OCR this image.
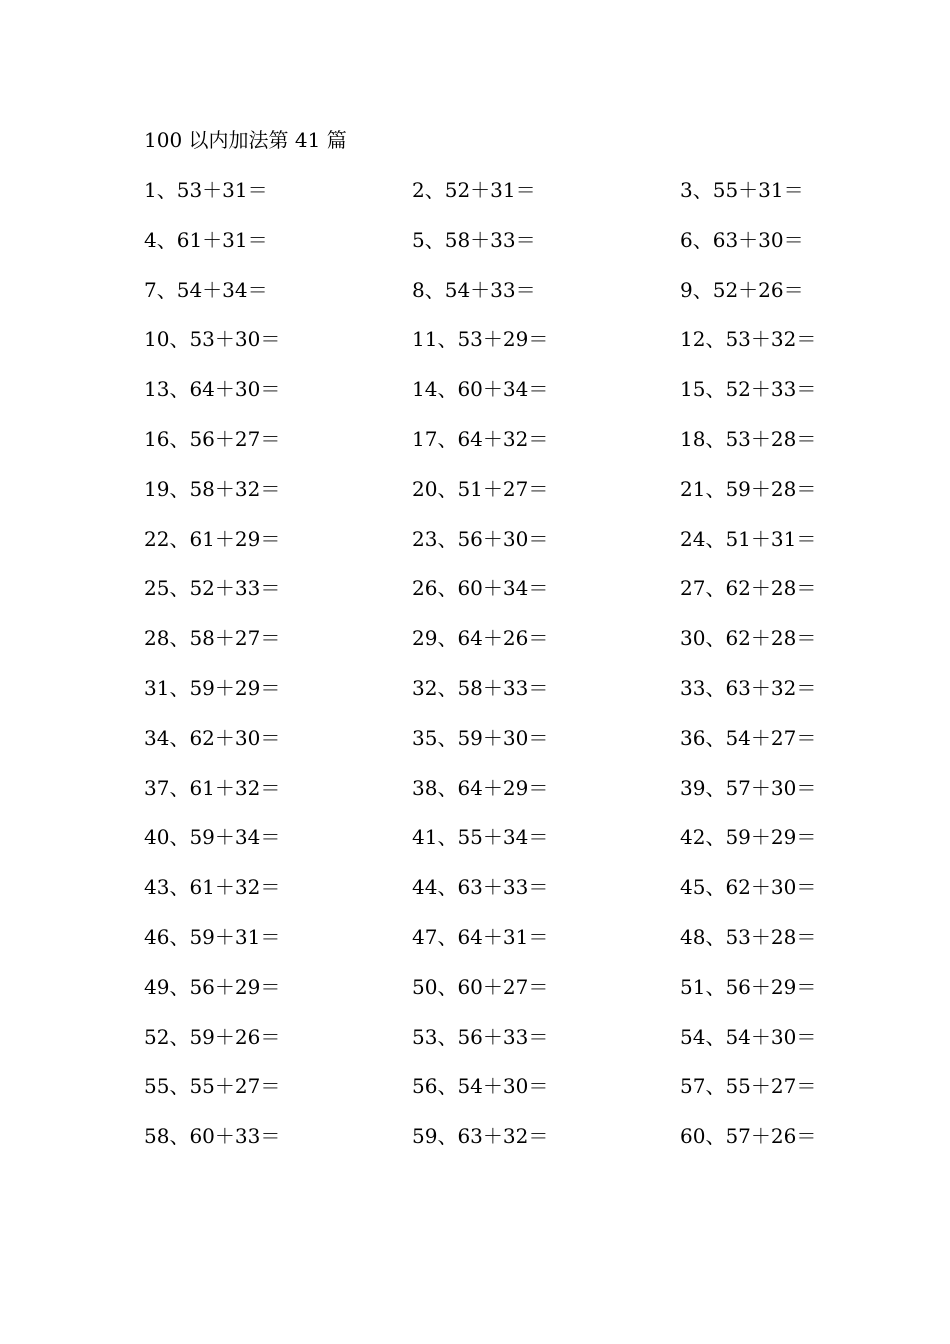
100 以内加法第 41 篇
1、53＋31＝	2、52＋31＝	3、55＋31＝
4、61＋31＝	5、58＋33＝	6、63＋30＝
7、54＋34＝	8、54＋33＝	9、52＋26＝
10、53＋30＝	11、53＋29＝	12、53＋32＝
13、64＋30＝	14、60＋34＝	15、52＋33＝
16、56＋27＝	17、64＋32＝	18、53＋28＝
19、58＋32＝	20、51＋27＝	21、59＋28＝
22、61＋29＝	23、56＋30＝	24、51＋31＝
25、52＋33＝	26、60＋34＝	27、62＋28＝
28、58＋27＝	29、64＋26＝	30、62＋28＝
31、59＋29＝	32、58＋33＝	33、63＋32＝
34、62＋30＝	35、59＋30＝	36、54＋27＝
37、61＋32＝	38、64＋29＝	39、57＋30＝
40、59＋34＝	41、55＋34＝	42、59＋29＝
43、61＋32＝	44、63＋33＝	45、62＋30＝
46、59＋31＝	47、64＋31＝	48、53＋28＝
49、56＋29＝	50、60＋27＝	51、56＋29＝
52、59＋26＝	53、56＋33＝	54、54＋30＝
55、55＋27＝	56、54＋30＝	57、55＋27＝
58、60＋33＝	59、63＋32＝	60、57＋26＝
